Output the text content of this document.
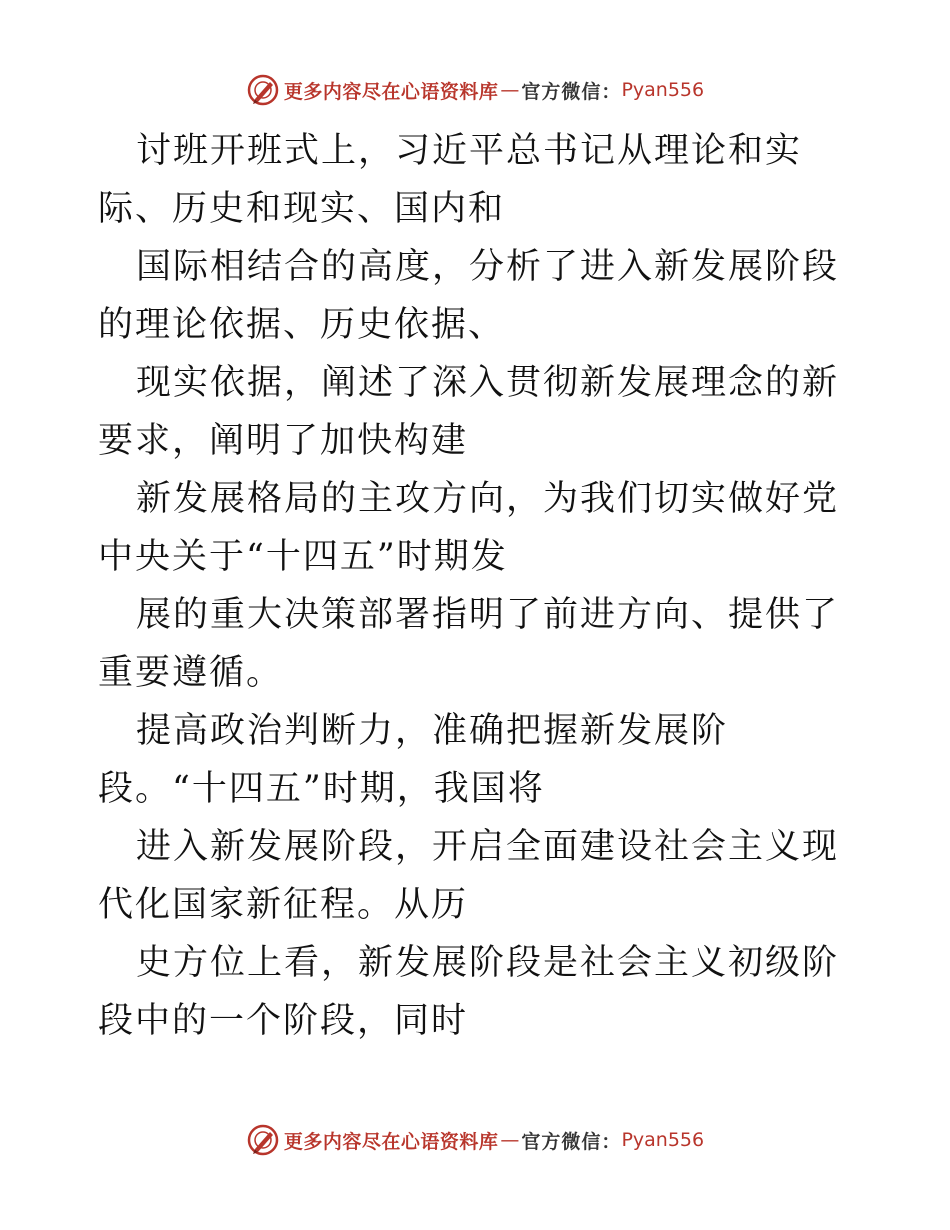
更多内容尽在心语资料库 — 官方微信： Pyan556

讨班开班式上，习近平总书记从理论和实际、历史和现实、国内和

国际相结合的高度，分析了进入新发展阶段的理论依据、历史依据、

现实依据，阐述了深入贯彻新发展理念的新要求，阐明了加快构建

新发展格局的主攻方向，为我们切实做好党中央关于“十四五”时期发

展的重大决策部署指明了前进方向、提供了重要遵循。

提高政治判断力，准确把握新发展阶段。“十四五”时期，我国将

进入新发展阶段，开启全面建设社会主义现代化国家新征程。从历

史方位上看，新发展阶段是社会主义初级阶段中的一个阶段，同时

更多内容尽在心语资料库 — 官方微信： Pyan556
